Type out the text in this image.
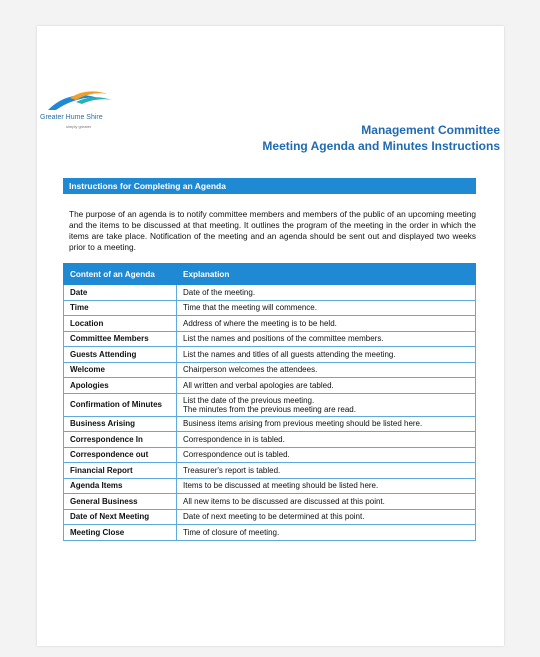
Greater Hume Shire
simply greater	Management Committee
Meeting Agenda and Minutes Instructions
Instructions for Completing an Agenda
The purpose of an agenda is to notify committee members and members of the public of an upcoming meeting and the items to be discussed at that meeting. It outlines the program of the meeting in the order in which the items are take place. Notification of the meeting and an agenda should be sent out and displayed two weeks prior to a meeting.
Content of an Agenda	Explanation
Date	Date of the meeting.

Time	Time that the meeting will commence.

Location	Address of where the meeting is to be held.

Committee Members	List the names and positions of the committee members.

Guests Attending	List the names and titles of all guests attending the meeting.

Welcome	Chairperson welcomes the attendees.

Apologies	All written and verbal apologies are tabled.

Confirmation of Minutes	List the date of the previous meeting.
The minutes from the previous meeting are read.

Business Arising	Business items arising from previous meeting should be listed here.

Correspondence In	Correspondence in is tabled.

Correspondence out	Correspondence out is tabled.

Financial Report	Treasurer's report is tabled.

Agenda Items	Items to be discussed at meeting should be listed here.

General Business	All new items to be discussed are discussed at this point.

Date of Next Meeting	Date of next meeting to be determined at this point.

Meeting Close	Time of closure of meeting.
